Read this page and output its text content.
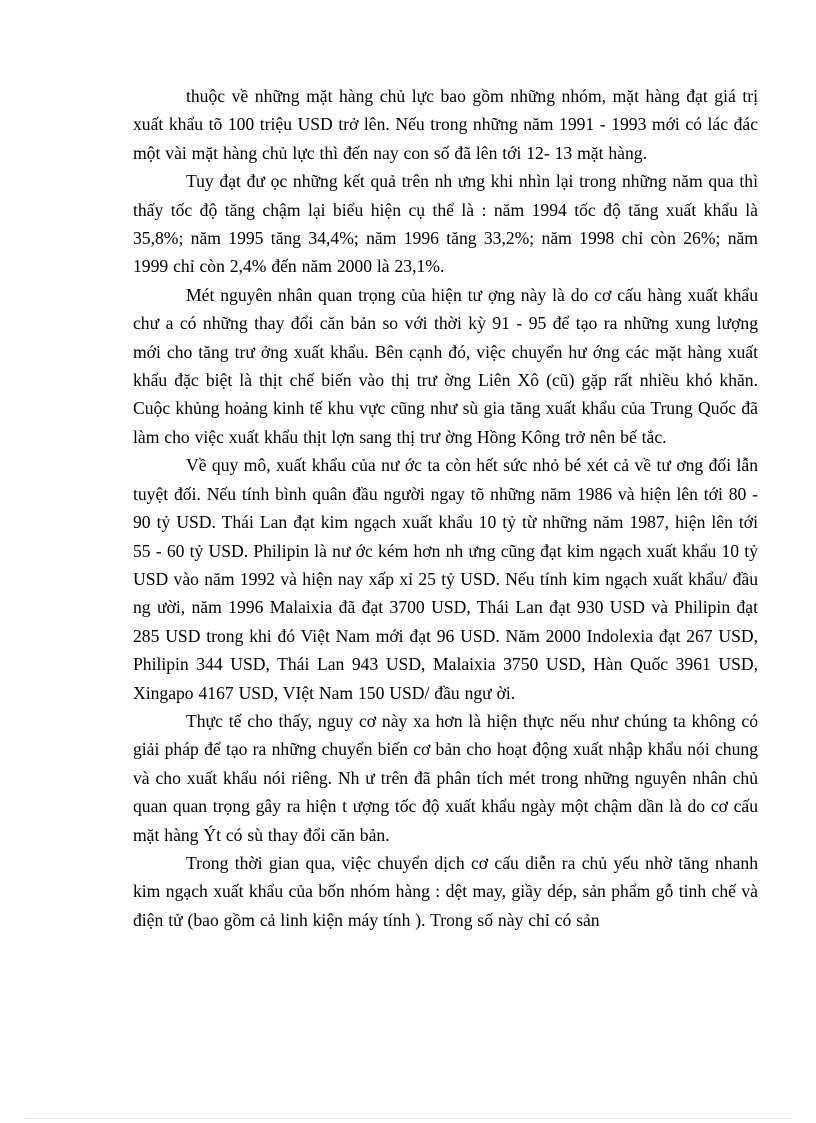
thuộc về những mặt hàng chủ lực bao gồm những nhóm, mặt hàng đạt giá trị xuất khẩu tõ 100 triệu USD trở lên. Nếu trong những năm 1991 - 1993 mới có lác đác một vài mặt hàng chủ lực thì đến nay con số đã lên tới 12- 13 mặt hàng.

Tuy đạt đư ọc những kết quả trên nh ưng khi nhìn lại trong những năm qua thì thấy tốc độ tăng chậm lại biểu hiện cụ thể là : năm 1994 tốc độ tăng xuất khẩu là 35,8%; năm 1995 tăng 34,4%; năm 1996 tăng 33,2%; năm 1998 chỉ còn 26%; năm 1999 chỉ còn 2,4% đến năm 2000 là 23,1%.

Mét nguyên nhân quan trọng của hiện tư ợng này là do cơ cấu hàng xuất khẩu chư a có những thay đổi căn bản so với thời kỳ 91 - 95 để tạo ra những xung lượng mới cho tăng trư ởng xuất khẩu. Bên cạnh đó, việc chuyển hư ớng các mặt hàng xuất khẩu đặc biệt là thịt chế biến vào thị trư ờng Liên Xô (cũ) gặp rất nhiều khó khăn. Cuộc khủng hoảng kinh tế khu vực cũng như sù gia tăng xuất khẩu của Trung Quốc đã làm cho việc xuất khẩu thịt lợn sang thị trư ờng Hồng Kông trở nên bế tắc.

Về quy mô, xuất khẩu của nư ớc ta còn hết sức nhỏ bé xét cả về tư ơng đối lẫn tuyệt đối. Nếu tính bình quân đầu người ngay tõ những năm 1986 và hiện lên tới 80 - 90 tỷ USD. Thái Lan đạt kim ngạch xuất khẩu 10 tỷ từ những năm 1987, hiện lên tới 55 - 60 tỷ USD. Philipin là nư ớc kém hơn nh ưng cũng đạt kim ngạch xuất khẩu 10 tỷ USD vào năm 1992 và hiện nay xấp xỉ 25 tỷ USD. Nếu tính kim ngạch xuất khẩu/ đầu ng ười, năm 1996 Malaixia đã đạt 3700 USD, Thái Lan đạt 930 USD và Philipin đạt 285 USD trong khi đó Việt Nam mới đạt 96 USD. Năm 2000 Indolexia đạt 267 USD, Philipin 344 USD, Thái Lan 943 USD, Malaixia 3750 USD, Hàn Quốc 3961 USD, Xingapo 4167 USD, VIệt Nam 150 USD/ đầu ngư ời.

Thực tế cho thấy, nguy cơ này xa hơn là hiện thực nếu như chúng ta không có giải pháp để tạo ra những chuyển biến cơ bản cho hoạt động xuất nhập khẩu nói chung và cho xuất khẩu nói riêng. Nh ư trên đã phân tích mét trong những nguyên nhân chủ quan quan trọng gây ra hiện t ượng tốc độ xuất khẩu ngày một chậm dần là do cơ cấu mặt hàng Ýt có sù thay đổi căn bản.

Trong thời gian qua, việc chuyển dịch cơ cấu diễn ra chủ yếu nhờ tăng nhanh kim ngạch xuất khẩu của bốn nhóm hàng : dệt may, giầy dép, sản phẩm gỗ tinh chế và điện tử (bao gồm cả linh kiện máy tính ). Trong số này chỉ có sản
